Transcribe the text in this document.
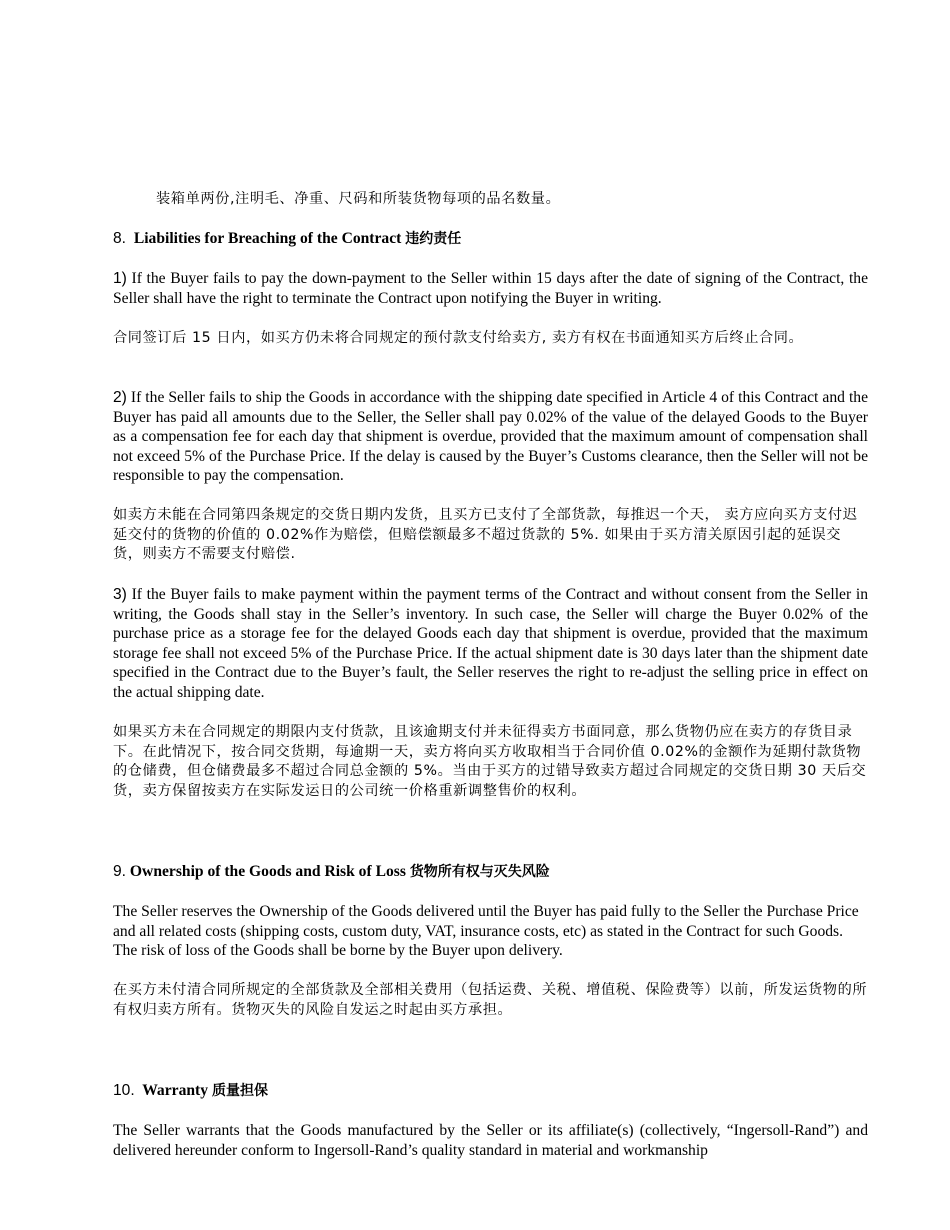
装箱单两份,注明毛、净重、尺码和所装货物每项的品名数量。
8. Liabilities for Breaching of the Contract 违约责任
1) If the Buyer fails to pay the down-payment to the Seller within 15 days after the date of signing of the Contract, the Seller shall have the right to terminate the Contract upon notifying the Buyer in writing.
合同签订后 15 日内，如买方仍未将合同规定的预付款支付给卖方, 卖方有权在书面通知买方后终止合同。
2) If the Seller fails to ship the Goods in accordance with the shipping date specified in Article 4 of this Contract and the Buyer has paid all amounts due to the Seller, the Seller shall pay 0.02% of the value of the delayed Goods to the Buyer as a compensation fee for each day that shipment is overdue, provided that the maximum amount of compensation shall not exceed 5% of the Purchase Price. If the delay is caused by the Buyer’s Customs clearance, then the Seller will not be responsible to pay the compensation.
如卖方未能在合同第四条规定的交货日期内发货，且买方已支付了全部货款，每推迟一个天， 卖方应向买方支付迟延交付的货物的价值的 0.02%作为赔偿，但赔偿额最多不超过货款的 5%. 如果由于买方清关原因引起的延误交货，则卖方不需要支付赔偿.
3) If the Buyer fails to make payment within the payment terms of the Contract and without consent from the Seller in writing, the Goods shall stay in the Seller’s inventory. In such case, the Seller will charge the Buyer 0.02% of the purchase price as a storage fee for the delayed Goods each day that shipment is overdue, provided that the maximum storage fee shall not exceed 5% of the Purchase Price. If the actual shipment date is 30 days later than the shipment date specified in the Contract due to the Buyer’s fault, the Seller reserves the right to re-adjust the selling price in effect on the actual shipping date.
如果买方未在合同规定的期限内支付货款，且该逾期支付并未征得卖方书面同意，那么货物仍应在卖方的存货目录下。在此情况下，按合同交货期，每逾期一天，卖方将向买方收取相当于合同价值 0.02%的金额作为延期付款货物的仓储费，但仓储费最多不超过合同总金额的 5%。当由于买方的过错导致卖方超过合同规定的交货日期 30 天后交货，卖方保留按卖方在实际发运日的公司统一价格重新调整售价的权利。
9. Ownership of the Goods and Risk of Loss 货物所有权与灭失风险
The Seller reserves the Ownership of the Goods delivered until the Buyer has paid fully to the Seller the Purchase Price and all related costs (shipping costs, custom duty, VAT, insurance costs, etc) as stated in the Contract for such Goods. The risk of loss of the Goods shall be borne by the Buyer upon delivery.
在买方未付清合同所规定的全部货款及全部相关费用（包括运费、关税、增值税、保险费等）以前，所发运货物的所有权归卖方所有。货物灭失的风险自发运之时起由买方承担。
10. Warranty 质量担保
The Seller warrants that the Goods manufactured by the Seller or its affiliate(s) (collectively, “Ingersoll-Rand”) and delivered hereunder conform to Ingersoll-Rand’s quality standard in material and workmanship
